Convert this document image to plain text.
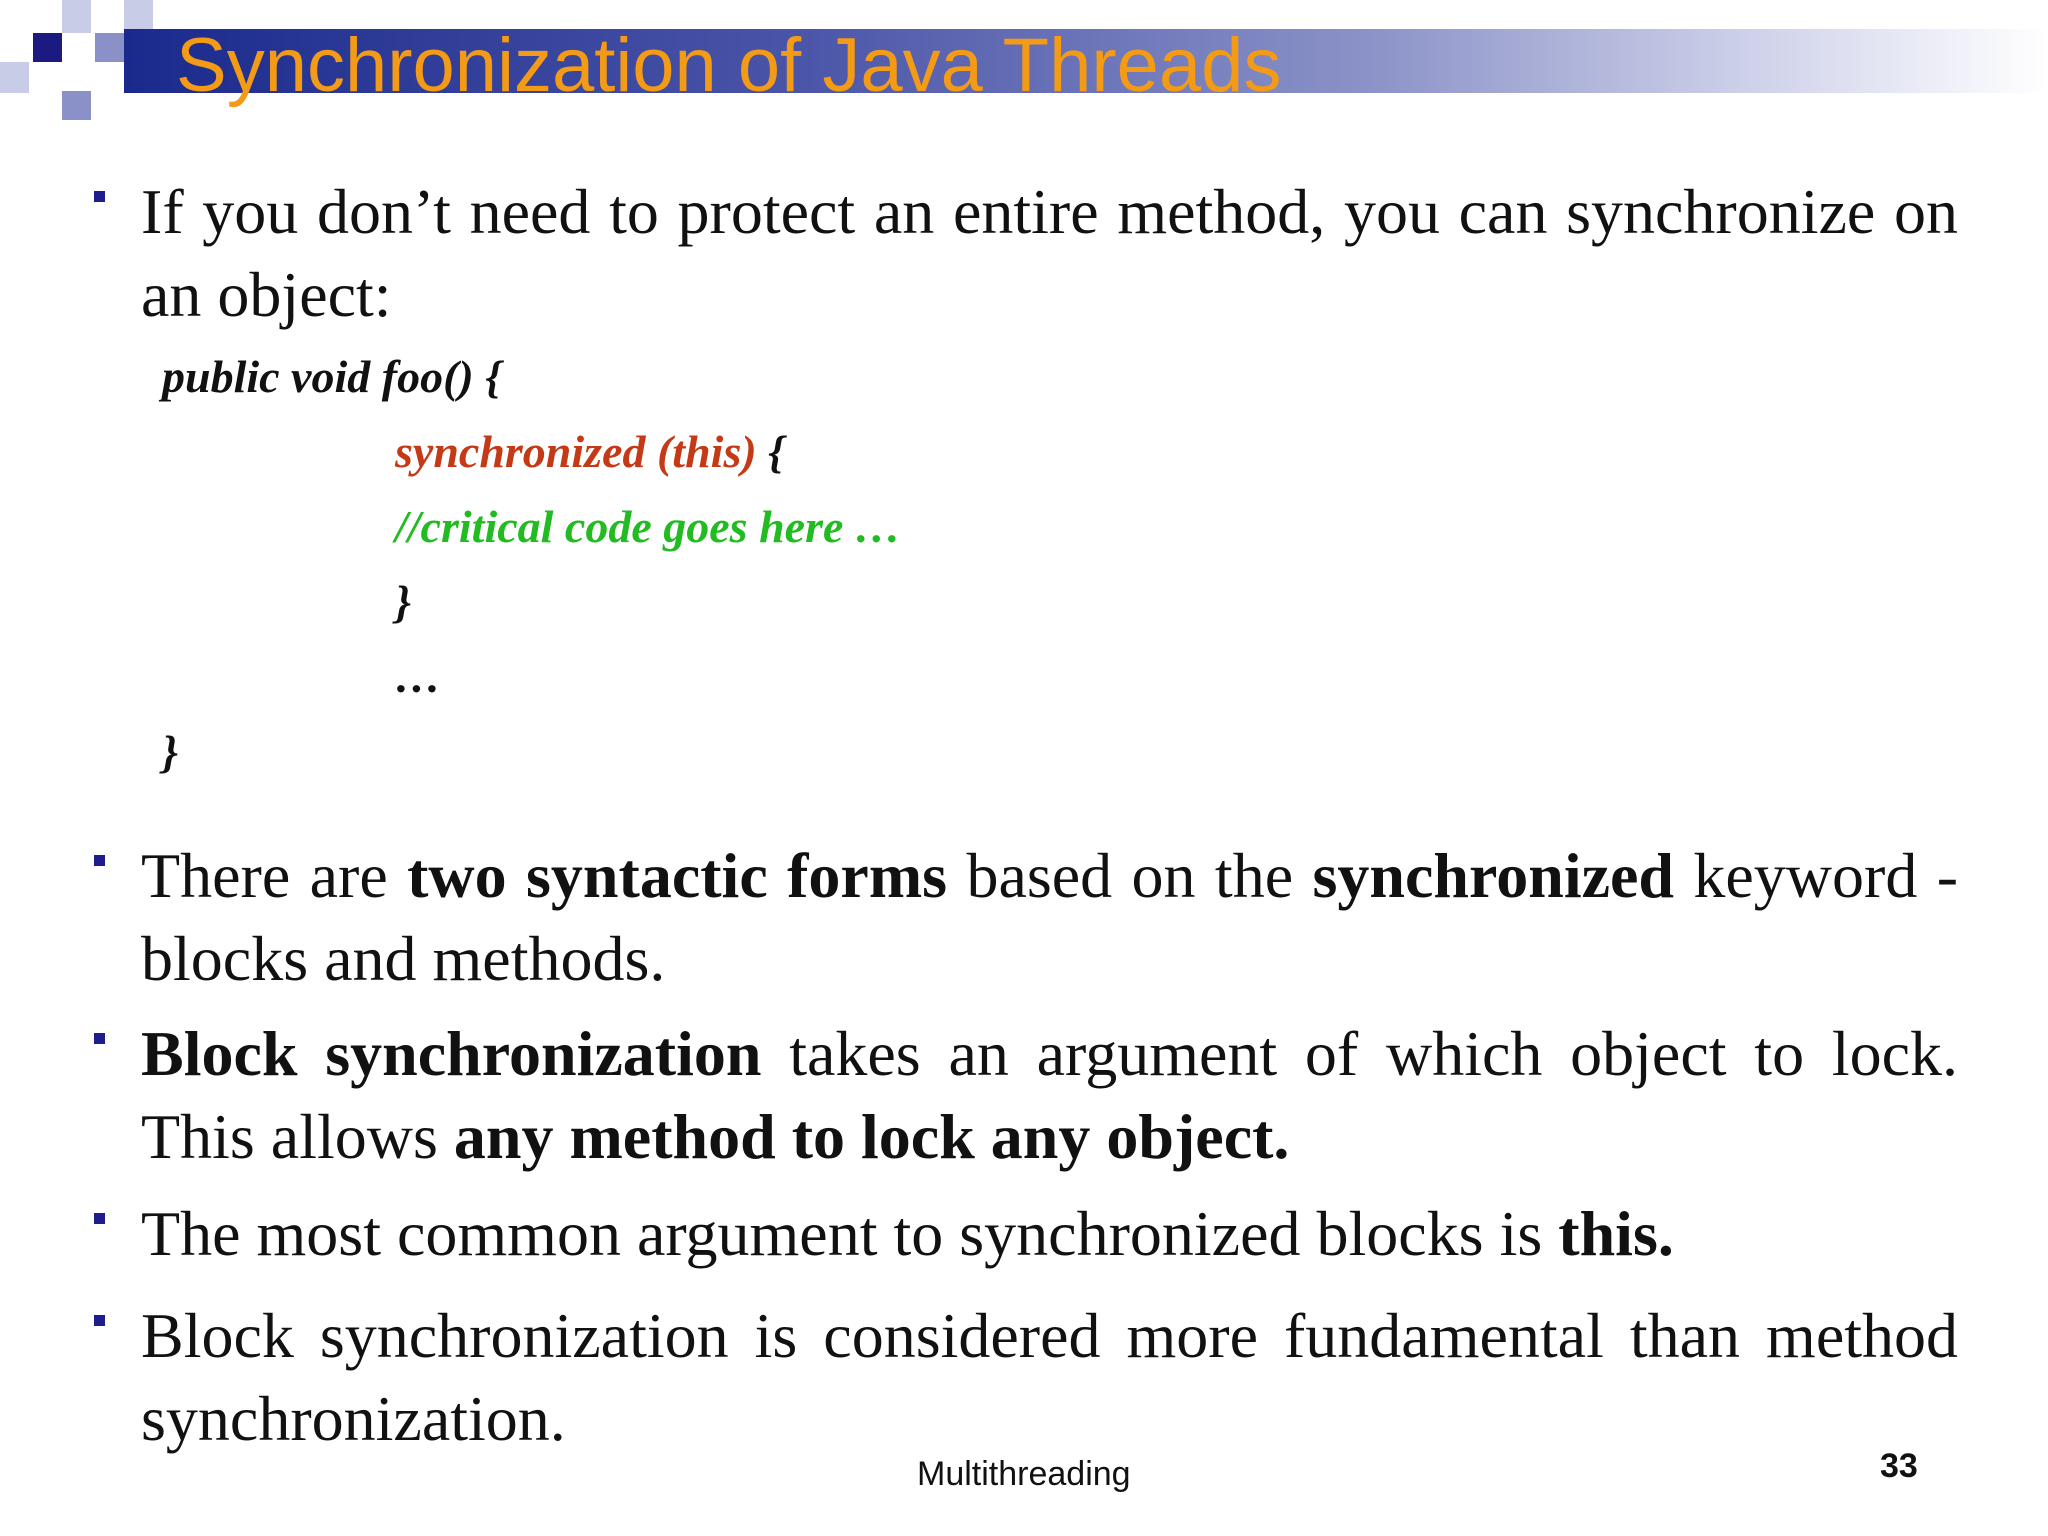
Synchronization of Java Threads

If you don’t need to protect an entire method, you can synchronize on an object:

public void foo() {
synchronized (this) {
//critical code goes here …
}
…
}

There are two syntactic forms based on the synchronized keyword - blocks and methods.

Block synchronization takes an argument of which object to lock. This allows any method to lock any object.

The most common argument to synchronized blocks is this.

Block synchronization is considered more fundamental than method synchronization.

Multithreading	33
